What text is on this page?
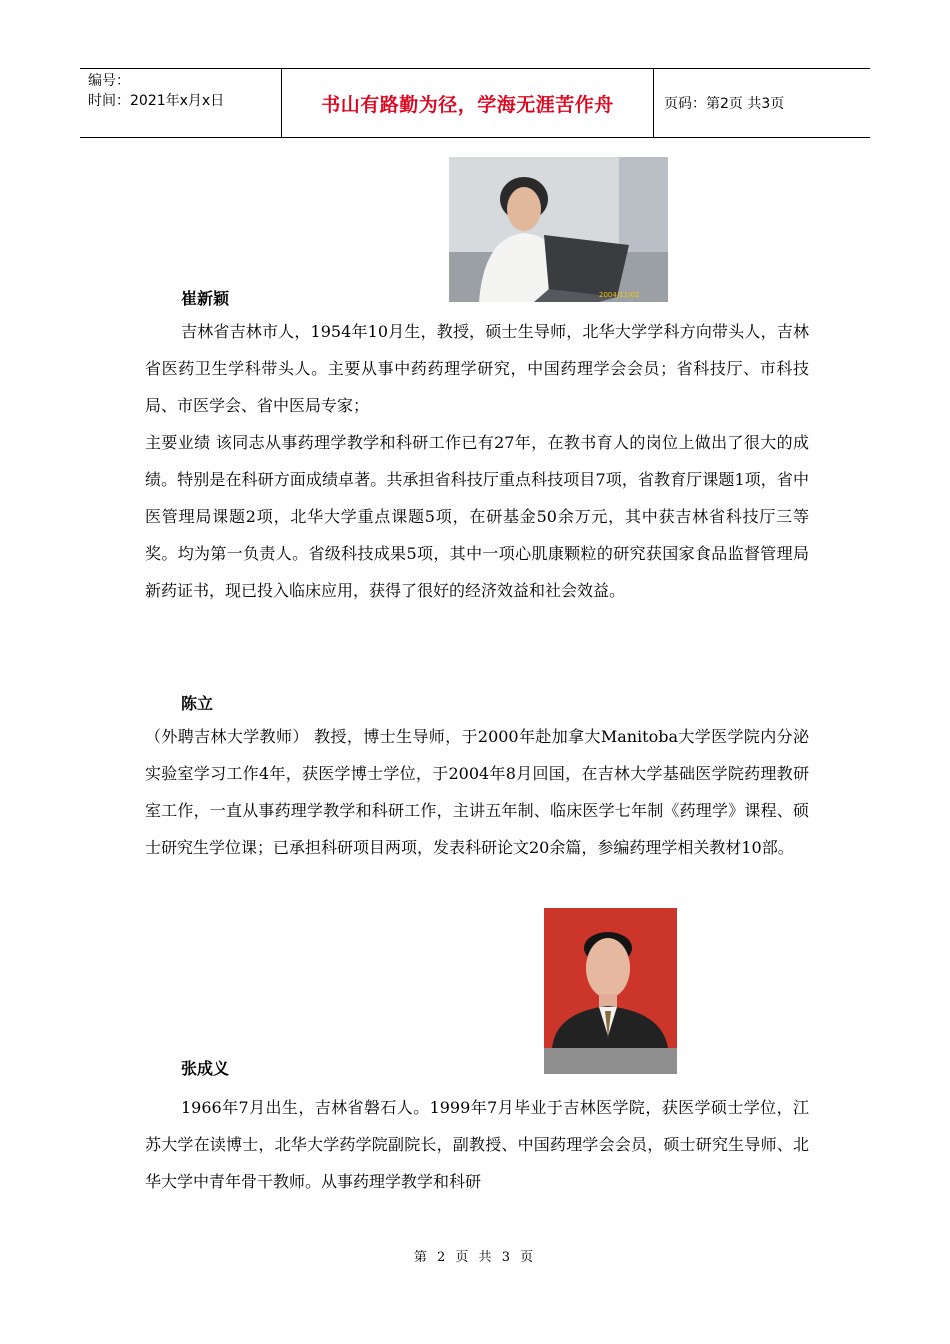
编号：
时间：2021年x月x日	书山有路勤为径，学海无涯苦作舟	页码：第2页 共3页
2004/11/02
崔新颖

吉林省吉林市人，1954年10月生，教授，硕士生导师，北华大学学科方向带头人，吉林省医药卫生学科带头人。主要从事中药药理学研究，中国药理学会会员；省科技厅、市科技局、市医学会、省中医局专家；

主要业绩 该同志从事药理学教学和科研工作已有27年，在教书育人的岗位上做出了很大的成绩。特别是在科研方面成绩卓著。共承担省科技厅重点科技项目7项，省教育厅课题1项，省中医管理局课题2项，北华大学重点课题5项，在研基金50余万元，其中获吉林省科技厅三等奖。均为第一负责人。省级科技成果5项，其中一项心肌康颗粒的研究获国家食品监督管理局新药证书，现已投入临床应用，获得了很好的经济效益和社会效益。

陈立

（外聘吉林大学教师） 教授，博士生导师，于2000年赴加拿大Manitoba大学医学院内分泌实验室学习工作4年，获医学博士学位，于2004年8月回国，在吉林大学基础医学院药理教研室工作，一直从事药理学教学和科研工作，主讲五年制、临床医学七年制《药理学》课程、硕士研究生学位课；已承担科研项目两项，发表科研论文20余篇，参编药理学相关教材10部。

张成义

1966年7月出生，吉林省磐石人。1999年7月毕业于吉林医学院，获医学硕士学位，江苏大学在读博士，北华大学药学院副院长，副教授、中国药理学会会员，硕士研究生导师、北华大学中青年骨干教师。从事药理学教学和科研

第 2 页 共 3 页
